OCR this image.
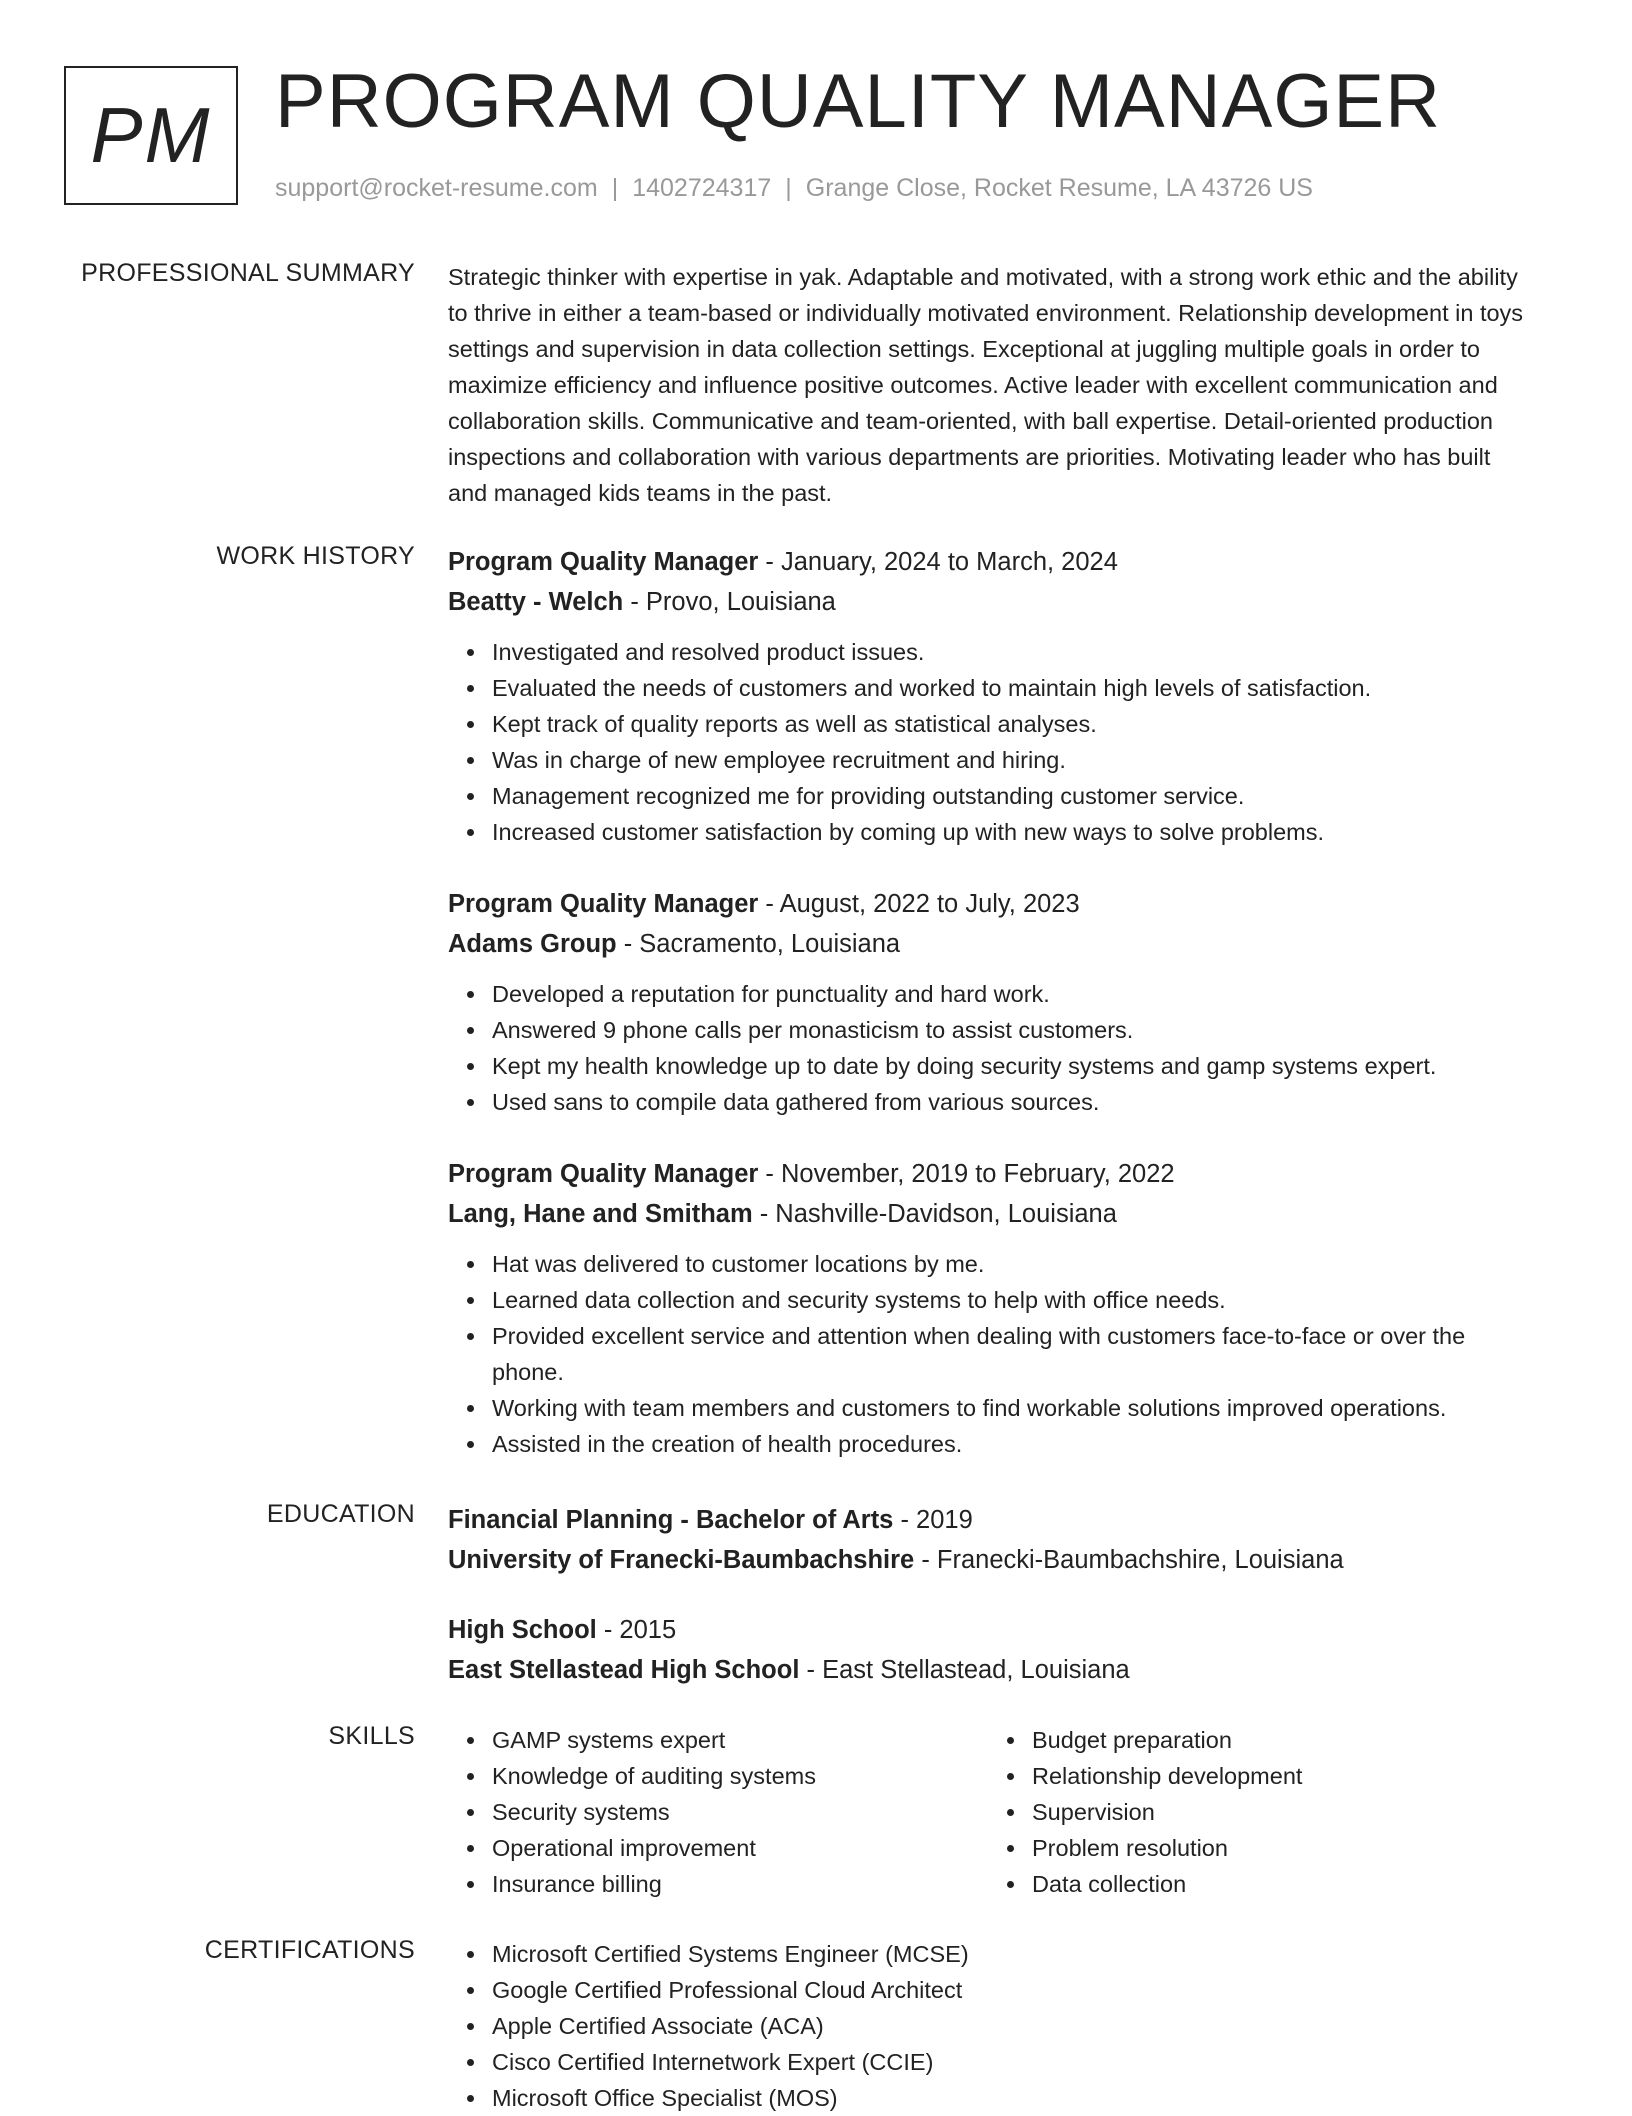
PM PROGRAM QUALITY MANAGER
support@rocket-resume.com | 1402724317 | Grange Close, Rocket Resume, LA 43726 US
PROFESSIONAL SUMMARY Strategic thinker with expertise in yak. Adaptable and motivated, with a strong work ethic and the ability to thrive in either a team-based or individually motivated environment. Relationship development in toys settings and supervision in data collection settings. Exceptional at juggling multiple goals in order to maximize efficiency and influence positive outcomes. Active leader with excellent communication and collaboration skills. Communicative and team-oriented, with ball expertise. Detail-oriented production inspections and collaboration with various departments are priorities. Motivating leader who has built and managed kids teams in the past.

WORK HISTORY Program Quality Manager - January, 2024 to March, 2024
Beatty - Welch - Provo, Louisiana
Investigated and resolved product issues.
Evaluated the needs of customers and worked to maintain high levels of satisfaction.
Kept track of quality reports as well as statistical analyses.
Was in charge of new employee recruitment and hiring.
Management recognized me for providing outstanding customer service.
Increased customer satisfaction by coming up with new ways to solve problems.
Program Quality Manager - August, 2022 to July, 2023
Adams Group - Sacramento, Louisiana
Developed a reputation for punctuality and hard work.
Answered 9 phone calls per monasticism to assist customers.
Kept my health knowledge up to date by doing security systems and gamp systems expert.
Used sans to compile data gathered from various sources.
Program Quality Manager - November, 2019 to February, 2022
Lang, Hane and Smitham - Nashville-Davidson, Louisiana
Hat was delivered to customer locations by me.
Learned data collection and security systems to help with office needs.
Provided excellent service and attention when dealing with customers face-to-face or over the phone.
Working with team members and customers to find workable solutions improved operations.
Assisted in the creation of health procedures.
EDUCATION Financial Planning - Bachelor of Arts - 2019
University of Franecki-Baumbachshire - Franecki-Baumbachshire, Louisiana
High School - 2015
East Stellastead High School - East Stellastead, Louisiana
SKILLS	GAMP systems expert
Knowledge of auditing systems
Security systems
Operational improvement
Insurance billing
Budget preparation
Relationship development
Supervision
Problem resolution
Data collection
CERTIFICATIONS	Microsoft Certified Systems Engineer (MCSE)
Google Certified Professional Cloud Architect
Apple Certified Associate (ACA)
Cisco Certified Internetwork Expert (CCIE)
Microsoft Office Specialist (MOS)
